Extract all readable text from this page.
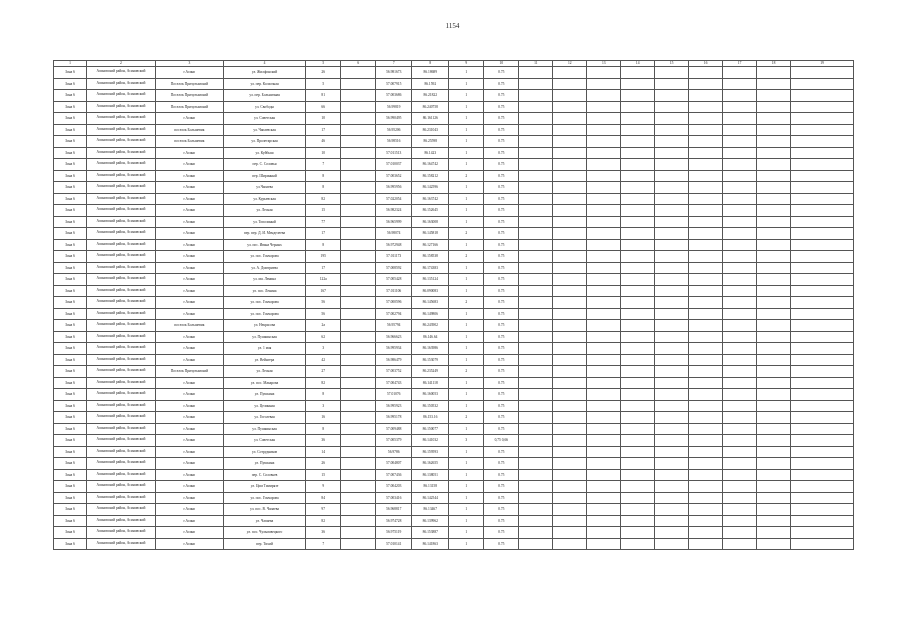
1154
1	2	3	4	5	6	7	8	9	10	11	12	13	14	15	16	17	18	19
Зона 6	Асиновский район, Асиновский	г.Асино	ул. Жилфонский	26		56.981673	86.18689	1	0.75									
Зона 6	Асиновский район, Асиновский	Поселок Причулымский	ул. пер. Колхозная	5		57.007915	86.1592	1	0.75									
Зона 6	Асиновский район, Асиновский	Поселок Причулымский	ул. пер. Больничная	81		57.003686	86.21822	1	0.75									
Зона 6	Асиновский район, Асиновский	Поселок Причулымский	ул. Свободы	66		56.99819	86.240758	1	0.75									
Зона 6	Асиновский район, Асиновский	г.Асино	ул. Советская	10		56.990495	86.161126	1	0.75									
Зона 6	Асиновский район, Асиновский	поселок Большевик	ул. Чапаевская	17		56.95206	86.231043	1	0.75									
Зона 6	Асиновский район, Асиновский	поселок Большевик	ул. Пролетарская	46		56.98516	86.25598	1	0.75									
Зона 6	Асиновский район, Асиновский	г.Асино	ул. Куйбыш	10		57.011513	86.1423	1	0.75									
Зона 6	Асиновский район, Асиновский	г.Асино	пер. С. Соловья	7		57.010037	86.164742	1	0.75									
Зона 6	Асиновский район, Асиновский	г.Асино	пер. Ширинный	8		57.003652	86.158212	2	0.75									
Зона 6	Асиновский район, Асиновский	г.Асино	ул.Чапаева	8		56.995956	86.142596	1	0.75									
Зона 6	Асиновский район, Асиновский	г.Асино	ул. Курьевская	82		57.022054	86.163742	1	0.75									
Зона 6	Асиновский район, Асиновский	г.Асино	ул. Лесная	15		56.982324	86.152645	1	0.75									
Зона 6	Асиновский район, Асиновский	г.Асино	ул. Тополиный	77		56.965999	86.163008	1	0.75									
Зона 6	Асиновский район, Асиновский	г.Асино	пер. пер. Д. И. Менделеева	17		56.98074	86.145818	2	0.75									
Зона 6	Асиновский район, Асиновский	г.Асино	ул. пос. Ивана Черных	8		56.972948	86.127166	1	0.75									
Зона 6	Асиновский район, Асиновский	г.Асино	ул. пос. Гончарова	195		57.011173	86.158538	2	0.75									
Зона 6	Асиновский район, Асиновский	г.Асино	ул. А. Дмитриева	17		57.008592	86.174383	1	0.75									
Зона 6	Асиновский район, Асиновский	г.Асино	ул. им. Ленина	122а		57.005428	86.135124	1	0.75									
Зона 6	Асиновский район, Асиновский	г.Асино	ул. пос. Ленина	167		57.011106	86.090083	1	0.75									
Зона 6	Асиновский район, Асиновский	г.Асино	ул. пос. Гончарова	56		57.000596	86.145683	2	0.75									
Зона 6	Асиновский район, Асиновский	г.Асино	ул. пос. Гончарова	56		57.002794	86.149806	1	0.75									
Зона 6	Асиновский район, Асиновский	поселок Большевик	ул. Некрасова	2а		56.95794	86.243902	1	0.75									
Зона 6	Асиновский район, Асиновский	г.Асино	ул. Пушкинская	62		56.966623	86.146.64	1	0.75									
Зона 6	Асиновский район, Асиновский	г.Асино	ул. 1 мая	3		56.995934	86.163986	1	0.75									
Зона 6	Асиновский район, Асиновский	г.Асино	ул. Вейнгера	42		56.986479	86.153079	1	0.75									
Зона 6	Асиновский район, Асиновский	Поселок Причулымский	ул. Лесная	27		57.003752	86.235249	2	0.75									
Зона 6	Асиновский район, Асиновский	г.Асино	ул. пос. Макарова	82		57.004743	86.141118	1	0.75									
Зона 6	Асиновский район, Асиновский	г.Асино	ул. Пушкина	8		57.01076	86.160053	1	0.75									
Зона 6	Асиновский район, Асиновский	г.Асино	ул. Целинная	3		56.995923	86.150532	1	0.75									
Зона 6	Асиновский район, Асиновский	г.Асино	ул. Гоголевая	16		56.995178	86.153.16	2	0.75									
Зона 6	Асиновский район, Асиновский	г.Асино	ул. Пушкинская	8		57.009488	86.150077	1	0.75									
Зона 6	Асиновский район, Асиновский	г.Асино	ул. Советская	36		57.005379	86.141032	3	0,75 0,66									
Зона 6	Асиновский район, Асиновский	г.Асино	ул. Сотрудников	14		56.9786	86.159593	1	0.75									
Зона 6	Асиновский район, Асиновский	г.Асино	ул. Пушкина	26		57.004807	86.162655	1	0.75									
Зона 6	Асиновский район, Асиновский	г.Асино	пер. С. Соловьев	15		57.007436	86.138051	1	0.75									
Зона 6	Асиновский район, Асиновский	г.Асино	ул. Цим Тимирязе	9		57.004203	86.13158	1	0.75									
Зона 6	Асиновский район, Асиновский	г.Асино	ул. пос. Гончарова	84		57.003416	86.142544	1	0.75									
Зона 6	Асиновский район, Асиновский	г.Асино	ул. пос. В. Чапаева	97		56.968817	86.13467	1	0.75									
Зона 6	Асиновский район, Асиновский	г.Асино	ул. Чапаева	82		56.974728	86.139962	1	0.75									
Зона 6	Асиновский район, Асиновский	г.Асино	ул. пос. Чульмовецкого	36		56.975119	86.153887	1	0.75									
Зона 6	Асиновский район, Асиновский	г.Асино	пер. Тихий	7		57.010141	86.141863	1	0.75									
